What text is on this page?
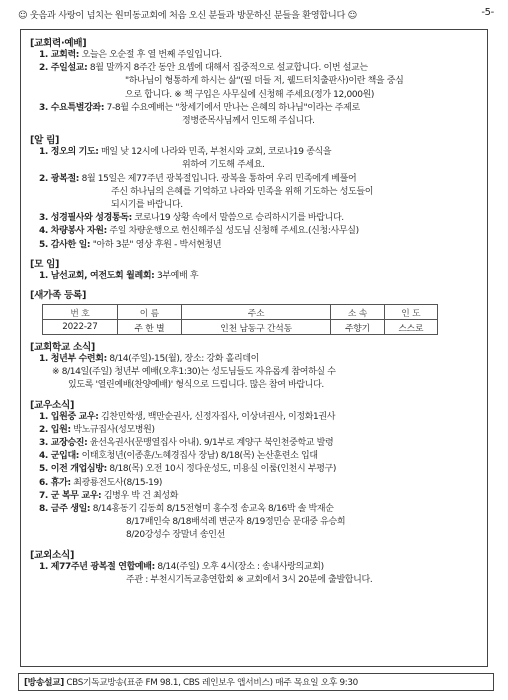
☺ 웃음과 사랑이 넘치는 원미동교회에 처음 오신 분들과 방문하신 분들을 환영합니다 ☺	-5-
[교회력·예배]
1. 교회력: 오늘은 오순절 후 열 번째 주일입니다.
2. 주일설교: 8월 말까지 8주간 동안 요셉에 대해서 집중적으로 설교합니다. 이번 설교는
"하나님이 형통하게 하시는 삶"(필 더들 저, 웰드터치출판사)이란 책을 중심
으로 합니다. ※ 책 구입은 사무실에 신청해 주세요(정가 12,000원)
3. 수요특별강좌: 7-8월 수요예배는 "창세기에서 만나는 은혜의 하나님"이라는 주제로
정병준목사님께서 인도해 주십니다.
[알 림]
1. 정오의 기도: 매일 낮 12시에 나라와 민족, 부천시와 교회, 코로나19 종식을
위하여 기도해 주세요.
2. 광복절: 8월 15일은 제77주년 광복절입니다. 광복을 통하여 우리 민족에게 베풀어
주신 하나님의 은혜를 기억하고 나라와 민족을 위해 기도하는 성도들이
되시기를 바랍니다.
3. 성경필사와 성경통독: 코로나19 상황 속에서 말씀으로 승리하시기를 바랍니다.
4. 차량봉사 자원: 주일 차량운행으로 헌신해주실 성도님 신청해 주세요.(신청:사무실)
5. 감사한 일: "아하 3분" 영상 후원 - 박서현청년
[모 임]
1. 남선교회, 여전도회 월례회: 3부예배 후
[새가족 등록]
번 호	이 름	주소	소 속	인 도
2022-27	주 한 별	인천 남동구 간석동	주향기	스스로
[교회학교 소식]
1. 청년부 수련회: 8/14(주일)-15(월), 장소: 강화 홀리데이
※ 8/14일(주일) 청년부 예배(오후1:30)는 성도님들도 자유롭게 참여하실 수
있도록 '열린예배(찬양예배)' 형식으로 드립니다. 많은 참여 바랍니다.
[교우소식]
1. 입원중 교우: 김찬민학생, 백만순권사, 신정자집사, 이상녀권사, 이정화1권사
2. 입원: 박노규집사(성모병원)
3. 교장승진: 윤선옥권사(문맹열집사 아내). 9/1부로 계양구 북인천중학교 발령
4. 군입대: 이태호청년(이종훈/노혜경집사 장남) 8/18(목) 논산훈련소 입대
5. 이전 개업심방: 8/18(목) 오전 10시 정다운성도, 미용실 이룸(인천시 부평구)
6. 휴가: 최광룡전도사(8/15-19)
7. 군 복무 교우: 김병우 박 건 최성화
8. 금주 생일: 8/14홍동기 김동희 8/15전형미 홍수정 송교옥 8/16박 솔 박재순
8/17배인숙 8/18배석례 변군자 8/19정민승 문대중 유승희
8/20강성수 장말녀 송인선
[교외소식]
1. 제77주년 광복절 연합예배: 8/14(주일) 오후 4시(장소 : 송내사랑의교회)
주관 : 부천시기독교총연합회 ※ 교회에서 3시 20분에 출발합니다.
[방송설교] CBS기독교방송(표준 FM 98.1, CBS 레인보우 앱서비스) 매주 목요일 오후 9:30
